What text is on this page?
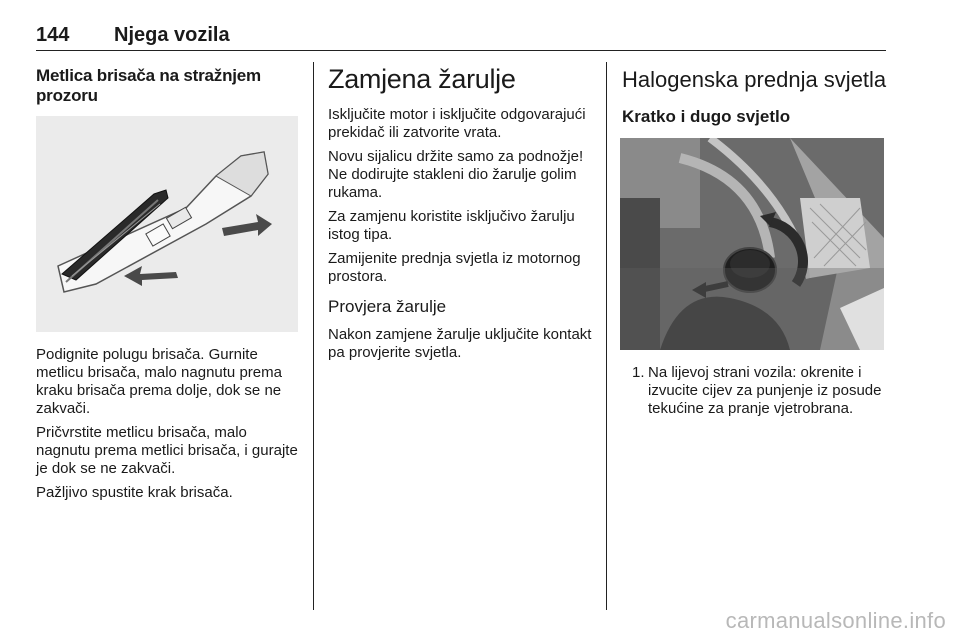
144 Njega vozila
Metlica brisača na stražnjem prozoru

Podignite polugu brisača. Gurnite metlicu brisača, malo nagnutu prema kraku brisača prema dolje, dok se ne zakvači.

Pričvrstite metlicu brisača, malo nagnutu prema metlici brisača, i gurajte je dok se ne zakvači.

Pažljivo spustite krak brisača.

Zamjena žarulje

Isključite motor i isključite odgovarajući prekidač ili zatvorite vrata.

Novu sijalicu držite samo za podnožje! Ne dodirujte stakleni dio žarulje golim rukama.

Za zamjenu koristite isključivo žarulju istog tipa.

Zamijenite prednja svjetla iz motornog prostora.

Provjera žarulje

Nakon zamjene žarulje uključite kontakt pa provjerite svjetla.

Halogenska prednja svjetla
Kratko i dugo svjetlo
1. Na lijevoj strani vozila: okrenite i izvucite cijev za punjenje iz posude tekućine za pranje vjetrobrana.
carmanualsonline.info
